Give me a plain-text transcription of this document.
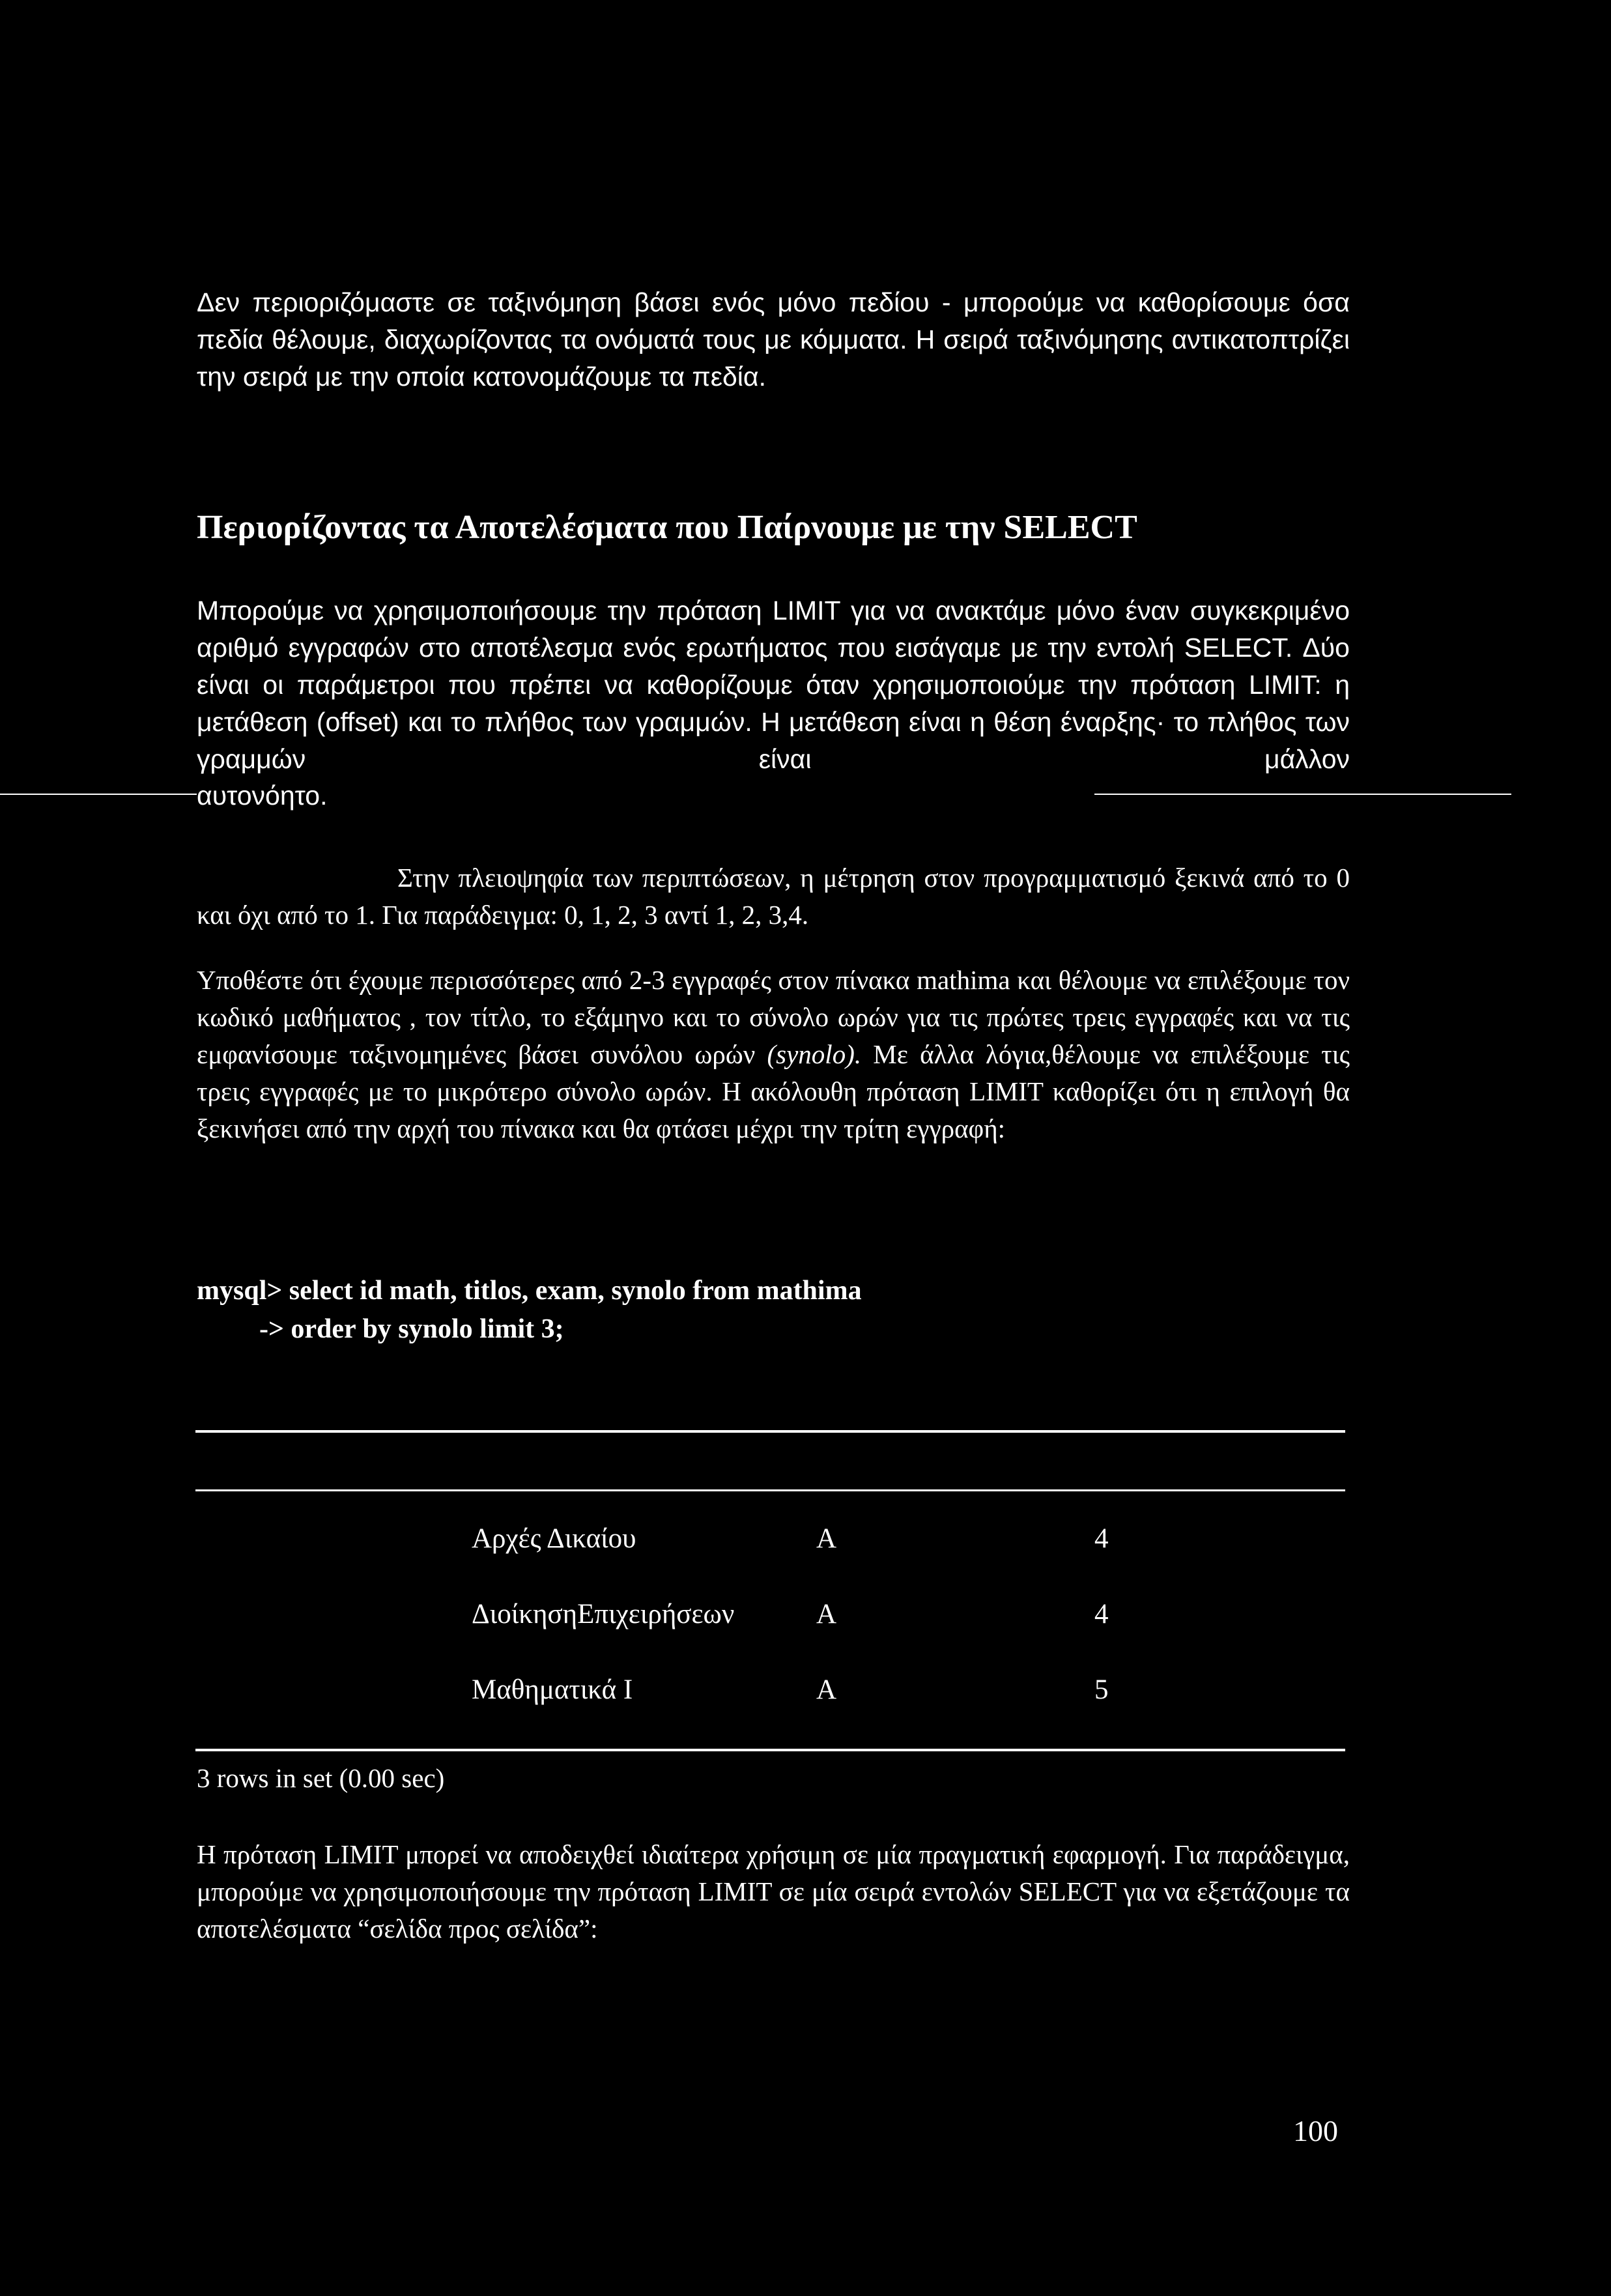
Δεν περιοριζόμαστε σε ταξινόμηση βάσει ενός μόνο πεδίου - μπορούμε να καθορίσουμε όσα πεδία θέλουμε, διαχωρίζοντας τα ονόματά τους με κόμματα. Η σειρά ταξινόμησης αντικατοπτρίζει την σειρά με την οποία κατονομάζουμε τα πεδία.

Περιορίζοντας τα Αποτελέσματα που Παίρνουμε με την SELECT

Μπορούμε να χρησιμοποιήσουμε την πρόταση LIMIT για να ανακτάμε μόνο έναν συγκεκριμένο αριθμό εγγραφών στο αποτέλεσμα ενός ερωτήματος που εισάγαμε με την εντολή SELECT. Δύο είναι οι παράμετροι που πρέπει να καθορίζουμε όταν χρησιμοποιούμε την πρόταση LIMIT: η μετάθεση (offset) και το πλήθος των γραμμών. Η μετάθεση είναι η θέση έναρξης· το πλήθος των γραμμών είναι μάλλον

αυτονόητο.

Στην πλειοψηφία των περιπτώσεων, η μέτρηση στον προγραμματισμό ξεκινά από το 0 και όχι από το 1. Για παράδειγμα: 0, 1, 2, 3 αντί 1, 2, 3,4.

Υποθέστε ότι έχουμε περισσότερες από 2-3 εγγραφές στον πίνακα mathima και θέλουμε να επιλέξουμε τον κωδικό μαθήματος , τον τίτλο, το εξάμηνο και το σύνολο ωρών για τις πρώτες τρεις εγγραφές και να τις εμφανίσουμε ταξινομημένες βάσει συνόλου ωρών (synolo). Με άλλα λόγια,θέλουμε να επιλέξουμε τις τρεις εγγραφές με το μικρότερο σύνολο ωρών. Η ακόλουθη πρόταση LIMIT καθορίζει ότι η επιλογή θα ξεκινήσει από την αρχή του πίνακα και θα φτάσει μέχρι την τρίτη εγγραφή:

mysql> select id math, titlos, exam, synolo from mathima
-> order by synolo limit 3;
Αρχές Δικαίου	A	4
ΔιοίκησηΕπιχειρήσεων	A	4
Μαθηματικά I	A	5
3 rows in set (0.00 sec)

Η πρόταση LIMIT μπορεί να αποδειχθεί ιδιαίτερα χρήσιμη σε μία πραγματική εφαρμογή. Για παράδειγμα, μπορούμε να χρησιμοποιήσουμε την πρόταση LIMIT σε μία σειρά εντολών SELECT για να εξετάζουμε τα αποτελέσματα “σελίδα προς σελίδα”:

100
